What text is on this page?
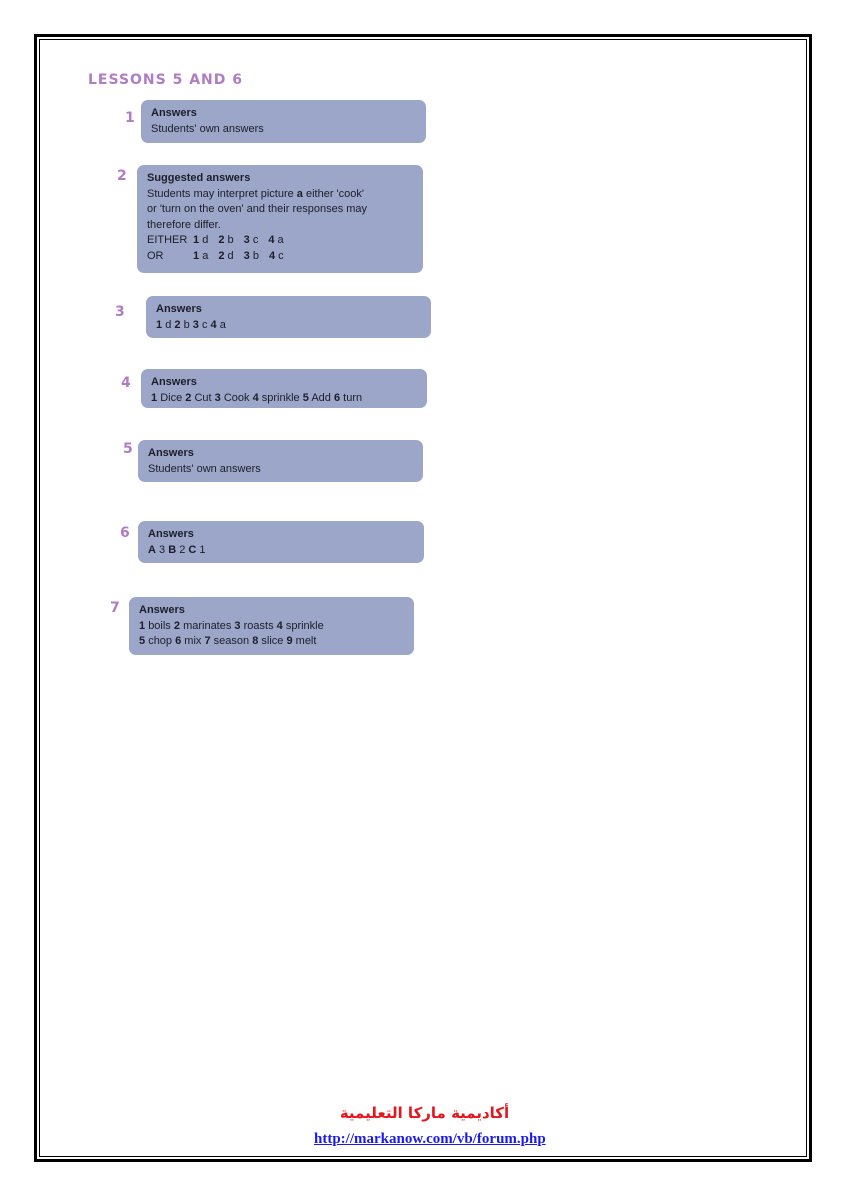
LESSONS 5 AND 6
1 Answers
Students' own answers
2 Suggested answers
Students may interpret picture a either 'cook'
or 'turn on the oven' and their responses may
therefore differ.
EITHER 1 d 2 b 3 c 4 a
OR	1 a 2 d 3 b 4 c
3	Answers
1 d 2 b 3 c 4 a
4 Answers
1 Dice 2 Cut 3 Cook 4 sprinkle 5 Add 6 turn
5 Answers
Students' own answers
6 Answers
A 3 B 2 C 1
7 Answers
1 boils 2 marinates 3 roasts 4 sprinkle
5 chop 6 mix 7 season 8 slice 9 melt
أكاديمية ماركا التعليمية
http://markanow.com/vb/forum.php
